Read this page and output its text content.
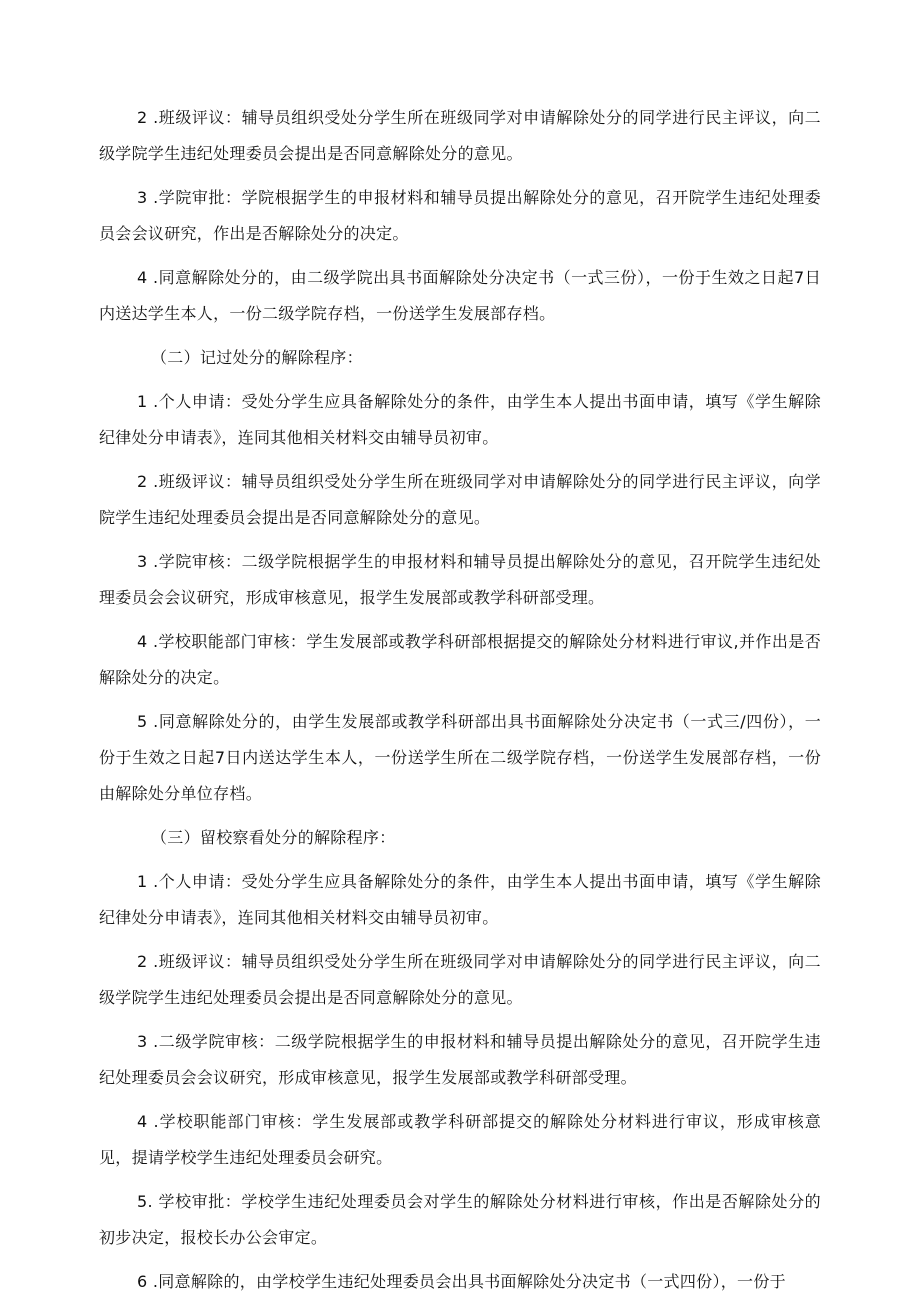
2 .班级评议：辅导员组织受处分学生所在班级同学对申请解除处分的同学进行民主评议，向二级学院学生违纪处理委员会提出是否同意解除处分的意见。

3 .学院审批：学院根据学生的申报材料和辅导员提出解除处分的意见，召开院学生违纪处理委员会会议研究，作出是否解除处分的决定。

4 .同意解除处分的，由二级学院出具书面解除处分决定书（一式三份），一份于生效之日起7日内送达学生本人，一份二级学院存档，一份送学生发展部存档。

（二）记过处分的解除程序：

1 .个人申请：受处分学生应具备解除处分的条件，由学生本人提出书面申请，填写《学生解除纪律处分申请表》，连同其他相关材料交由辅导员初审。

2 .班级评议：辅导员组织受处分学生所在班级同学对申请解除处分的同学进行民主评议，向学院学生违纪处理委员会提出是否同意解除处分的意见。

3 .学院审核：二级学院根据学生的申报材料和辅导员提出解除处分的意见，召开院学生违纪处理委员会会议研究，形成审核意见，报学生发展部或教学科研部受理。

4 .学校职能部门审核：学生发展部或教学科研部根据提交的解除处分材料进行审议,并作出是否解除处分的决定。

5 .同意解除处分的，由学生发展部或教学科研部出具书面解除处分决定书（一式三/四份），一份于生效之日起7日内送达学生本人，一份送学生所在二级学院存档，一份送学生发展部存档，一份由解除处分单位存档。

（三）留校察看处分的解除程序：

1 .个人申请：受处分学生应具备解除处分的条件，由学生本人提出书面申请，填写《学生解除纪律处分申请表》，连同其他相关材料交由辅导员初审。

2 .班级评议：辅导员组织受处分学生所在班级同学对申请解除处分的同学进行民主评议，向二级学院学生违纪处理委员会提出是否同意解除处分的意见。

3 .二级学院审核：二级学院根据学生的申报材料和辅导员提出解除处分的意见，召开院学生违纪处理委员会会议研究，形成审核意见，报学生发展部或教学科研部受理。

4 .学校职能部门审核：学生发展部或教学科研部提交的解除处分材料进行审议，形成审核意见，提请学校学生违纪处理委员会研究。

5. 学校审批：学校学生违纪处理委员会对学生的解除处分材料进行审核，作出是否解除处分的初步决定，报校长办公会审定。

6 .同意解除的，由学校学生违纪处理委员会出具书面解除处分决定书（一式四份），一份于
